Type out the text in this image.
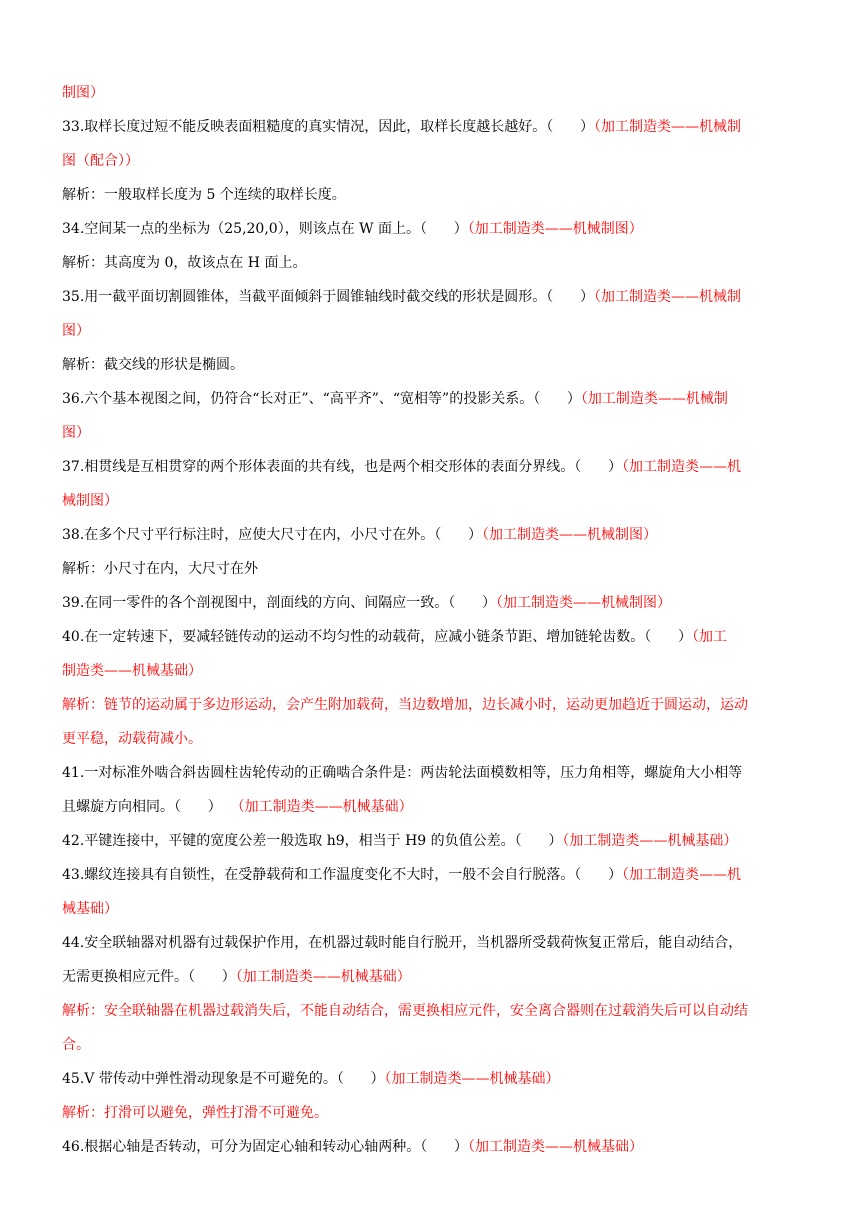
制图）
33.取样长度过短不能反映表面粗糙度的真实情况，因此，取样长度越长越好。（      ）（加工制造类——机械制
图（配合））
解析：一般取样长度为 5 个连续的取样长度。
34.空间某一点的坐标为（25,20,0），则该点在 W 面上。（      ）（加工制造类——机械制图）
解析：其高度为 0，故该点在 H 面上。
35.用一截平面切割圆锥体，当截平面倾斜于圆锥轴线时截交线的形状是圆形。（      ）（加工制造类——机械制
图）
解析：截交线的形状是椭圆。
36.六个基本视图之间，仍符合“长对正”、“高平齐”、“宽相等”的投影关系。（      ）（加工制造类——机械制
图）
37.相贯线是互相贯穿的两个形体表面的共有线，也是两个相交形体的表面分界线。（      ）（加工制造类——机
械制图）
38.在多个尺寸平行标注时，应使大尺寸在内，小尺寸在外。（      ）（加工制造类——机械制图）
解析：小尺寸在内，大尺寸在外
39.在同一零件的各个剖视图中，剖面线的方向、间隔应一致。（      ）（加工制造类——机械制图）
40.在一定转速下，要减轻链传动的运动不均匀性的动载荷，应减小链条节距、增加链轮齿数。（      ）（加工
制造类——机械基础）
解析：链节的运动属于多边形运动，会产生附加载荷，当边数增加，边长减小时，运动更加趋近于圆运动，运动
更平稳，动载荷减小。
41.一对标准外啮合斜齿圆柱齿轮传动的正确啮合条件是：两齿轮法面模数相等，压力角相等，螺旋角大小相等
且螺旋方向相同。（      ）  （加工制造类——机械基础）
42.平键连接中，平键的宽度公差一般选取 h9，相当于 H9 的负值公差。（      ）（加工制造类——机械基础）
43.螺纹连接具有自锁性，在受静载荷和工作温度变化不大时，一般不会自行脱落。（      ）（加工制造类——机
械基础）
44.安全联轴器对机器有过载保护作用，在机器过载时能自行脱开，当机器所受载荷恢复正常后，能自动结合，
无需更换相应元件。（      ）（加工制造类——机械基础）
解析：安全联轴器在机器过载消失后，不能自动结合，需更换相应元件，安全离合器则在过载消失后可以自动结
合。
45.V 带传动中弹性滑动现象是不可避免的。（      ）（加工制造类——机械基础）
解析：打滑可以避免，弹性打滑不可避免。
46.根据心轴是否转动，可分为固定心轴和转动心轴两种。（      ）（加工制造类——机械基础）
